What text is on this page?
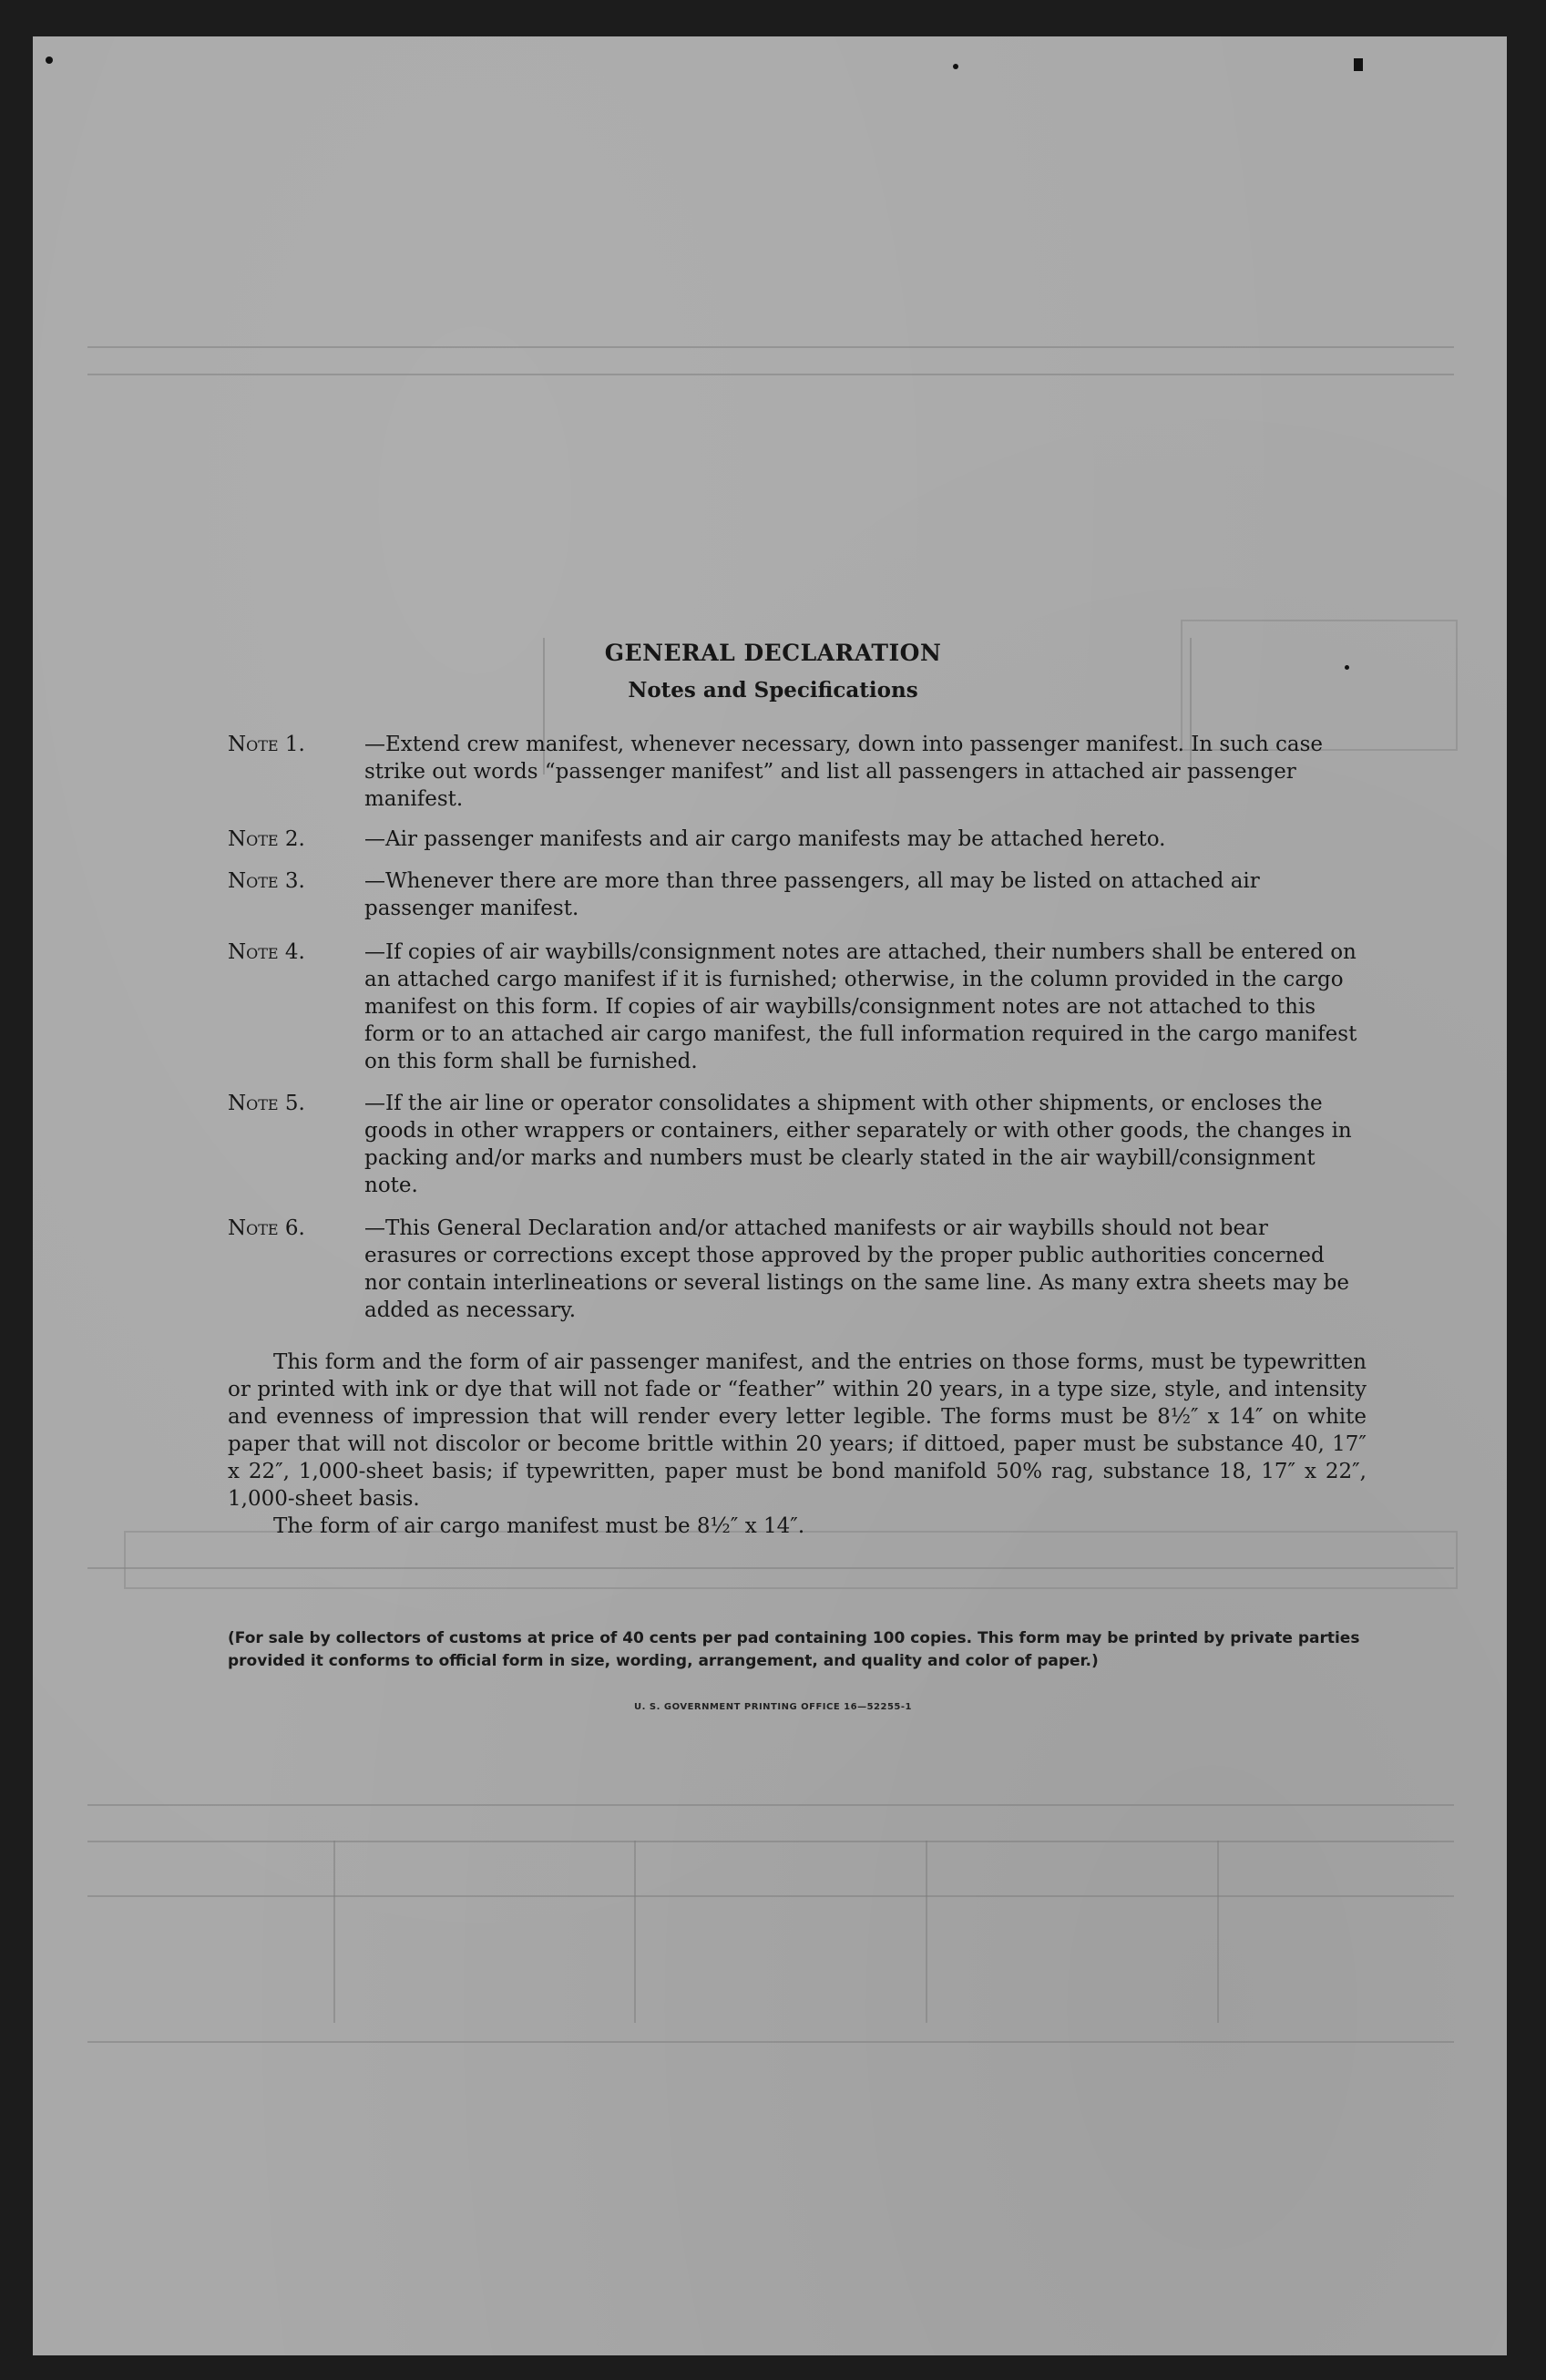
GENERAL DECLARATION
Notes and Specifications
Note 1.	—Extend crew manifest, whenever necessary, down into passenger manifest. In such case strike out words “passenger manifest” and list all passengers in attached air passenger manifest.
Note 2.	—Air passenger manifests and air cargo manifests may be attached hereto.
Note 3.	—Whenever there are more than three passengers, all may be listed on attached air passenger manifest.
Note 4.	—If copies of air waybills/consignment notes are attached, their numbers shall be entered on an attached cargo manifest if it is furnished; otherwise, in the column provided in the cargo manifest on this form. If copies of air waybills/consignment notes are not attached to this form or to an attached air cargo manifest, the full information required in the cargo manifest on this form shall be furnished.
Note 5.	—If the air line or operator consolidates a shipment with other shipments, or encloses the goods in other wrappers or containers, either separately or with other goods, the changes in packing and/or marks and numbers must be clearly stated in the air waybill/consignment note.
Note 6.	—This General Declaration and/or attached manifests or air waybills should not bear erasures or corrections except those approved by the proper public authorities concerned nor contain interlineations or several listings on the same line. As many extra sheets may be added as necessary.
This form and the form of air passenger manifest, and the entries on those forms, must be typewritten or printed with ink or dye that will not fade or “feather” within 20 years, in a type size, style, and intensity and evenness of impression that will render every letter legible. The forms must be 8½″ x 14″ on white paper that will not discolor or become brittle within 20 years; if dittoed, paper must be substance 40, 17″ x 22″, 1,000-sheet basis; if typewritten, paper must be bond manifold 50% rag, substance 18, 17″ x 22″, 1,000-sheet basis.
The form of air cargo manifest must be 8½″ x 14″.
(For sale by collectors of customs at price of 40 cents per pad containing 100 copies. This form may be printed by private parties provided it conforms to official form in size, wording, arrangement, and quality and color of paper.)
U. S. GOVERNMENT PRINTING OFFICE 16—52255-1
